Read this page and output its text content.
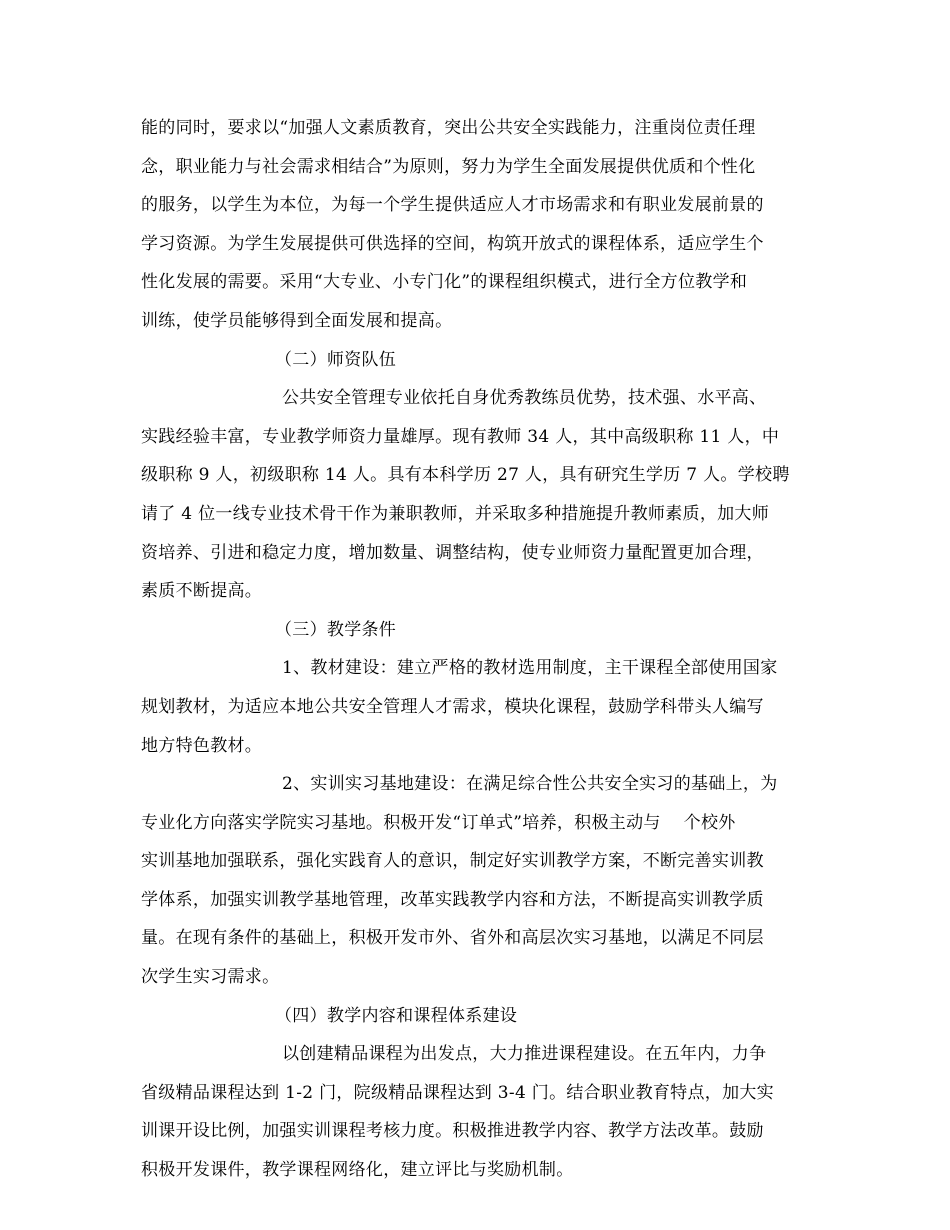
能的同时，要求以“加强人文素质教育，突出公共安全实践能力，注重岗位责任理
念，职业能力与社会需求相结合”为原则，努力为学生全面发展提供优质和个性化
的服务，以学生为本位，为每一个学生提供适应人才市场需求和有职业发展前景的
学习资源。为学生发展提供可供选择的空间，构筑开放式的课程体系，适应学生个
性化发展的需要。采用“大专业、小专门化”的课程组织模式，进行全方位教学和
训练，使学员能够得到全面发展和提高。
（二）师资队伍
公共安全管理专业依托自身优秀教练员优势，技术强、水平高、
实践经验丰富，专业教学师资力量雄厚。现有教师 34 人，其中高级职称 11 人，中
级职称 9 人，初级职称 14 人。具有本科学历 27 人，具有研究生学历 7 人。学校聘
请了 4 位一线专业技术骨干作为兼职教师，并采取多种措施提升教师素质，加大师
资培养、引进和稳定力度，增加数量、调整结构，使专业师资力量配置更加合理，
素质不断提高。
（三）教学条件
1、教材建设：建立严格的教材选用制度，主干课程全部使用国家
规划教材，为适应本地公共安全管理人才需求，模块化课程，鼓励学科带头人编写
地方特色教材。
2、实训实习基地建设：在满足综合性公共安全实习的基础上，为
专业化方向落实学院实习基地。积极开发“订单式”培养，积极主动与　 个校外
实训基地加强联系，强化实践育人的意识，制定好实训教学方案，不断完善实训教
学体系，加强实训教学基地管理，改革实践教学内容和方法，不断提高实训教学质
量。在现有条件的基础上，积极开发市外、省外和高层次实习基地，以满足不同层
次学生实习需求。
（四）教学内容和课程体系建设
以创建精品课程为出发点，大力推进课程建设。在五年内，力争
省级精品课程达到 1-2 门，院级精品课程达到 3-4 门。结合职业教育特点，加大实
训课开设比例，加强实训课程考核力度。积极推进教学内容、教学方法改革。鼓励
积极开发课件，教学课程网络化，建立评比与奖励机制。
